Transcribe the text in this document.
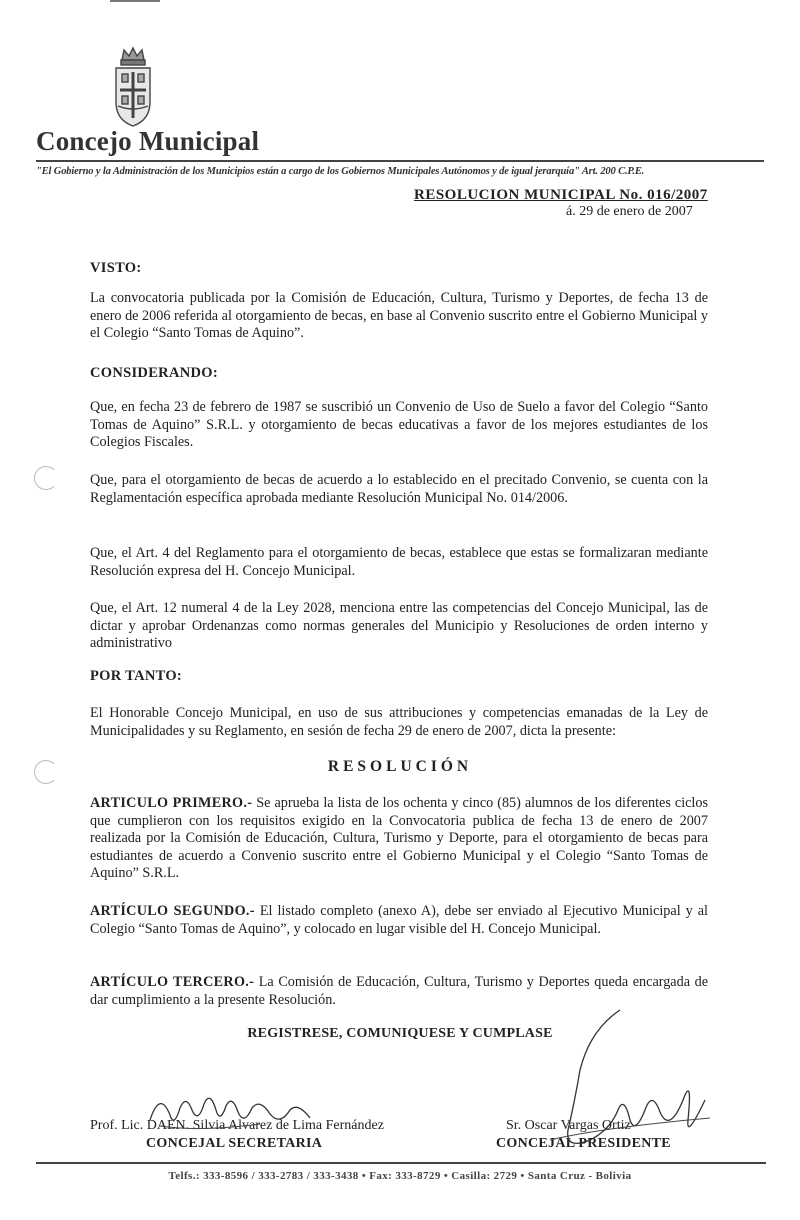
Concejo Municipal
"El Gobierno y la Administración de los Municipios están a cargo de los Gobiernos Municipales Autónomos y de igual jerarquía" Art. 200 C.P.E.
RESOLUCION MUNICIPAL No. 016/2007
á. 29 de enero de 2007
VISTO:
La convocatoria publicada por la Comisión de Educación, Cultura, Turismo y Deportes, de fecha 13 de enero de 2006 referida al otorgamiento de becas, en base al Convenio suscrito entre el Gobierno Municipal y el Colegio “Santo Tomas de Aquino”.
CONSIDERANDO:
Que, en fecha 23 de febrero de 1987 se suscribió un Convenio de Uso de Suelo a favor del Colegio “Santo Tomas de Aquino” S.R.L. y otorgamiento de becas educativas a favor de los mejores estudiantes de los Colegios Fiscales.
Que, para el otorgamiento de becas de acuerdo a lo establecido en el precitado Convenio, se cuenta con la Reglamentación específica aprobada mediante Resolución Municipal No. 014/2006.
Que, el Art. 4 del Reglamento para el otorgamiento de becas, establece que estas se formalizaran mediante Resolución expresa del H. Concejo Municipal.
Que, el Art. 12 numeral 4 de la Ley 2028, menciona entre las competencias del Concejo Municipal, las de dictar y aprobar Ordenanzas como normas generales del Municipio y Resoluciones de orden interno y administrativo
POR TANTO:
El Honorable Concejo Municipal, en uso de sus attribuciones y competencias emanadas de la Ley de Municipalidades y su Reglamento, en sesión de fecha 29 de enero de 2007, dicta la presente:
RESOLUCIÓN
ARTICULO PRIMERO.- Se aprueba la lista de los ochenta y cinco (85) alumnos de los diferentes ciclos que cumplieron con los requisitos exigido en la Convocatoria publica de fecha 13 de enero de 2007 realizada por la Comisión de Educación, Cultura, Turismo y Deporte, para el otorgamiento de becas para estudiantes de acuerdo a Convenio suscrito entre el Gobierno Municipal y el Colegio “Santo Tomas de Aquino” S.R.L.
ARTÍCULO SEGUNDO.- El listado completo (anexo A), debe ser enviado al Ejecutivo Municipal y al Colegio “Santo Tomas de Aquino”, y colocado en lugar visible del H. Concejo Municipal.
ARTÍCULO TERCERO.- La Comisión de Educación, Cultura, Turismo y Deportes queda encargada de dar cumplimiento a la presente Resolución.
REGISTRESE, COMUNIQUESE Y CUMPLASE
Prof. Lic. DAEN. Silvia Alvarez de Lima Fernández
CONCEJAL SECRETARIA
Sr. Oscar Vargas Ortiz
CONCEJAL PRESIDENTE
Telfs.: 333-8596 / 333-2783 / 333-3438 • Fax: 333-8729 • Casilla: 2729 • Santa Cruz - Bolivia
